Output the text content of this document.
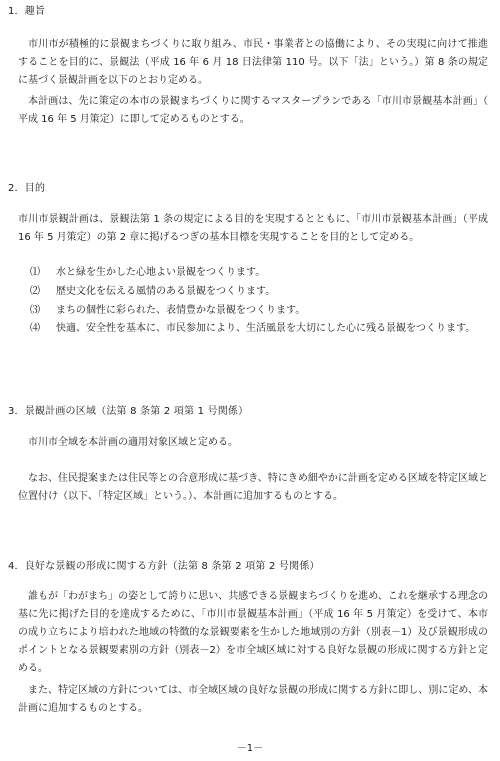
1．趣旨
市川市が積極的に景観まちづくりに取り組み、市民・事業者との協働により、その実現に向けて推進することを目的に、景観法（平成 16 年 6 月 18 日法律第 110 号。以下「法」という。）第 8 条の規定に基づく景観計画を以下のとおり定める。
本計画は、先に策定の本市の景観まちづくりに関するマスタープランである「市川市景観基本計画」（平成 16 年 5 月策定）に即して定めるものとする。
2．目的
市川市景観計画は、景観法第 1 条の規定による目的を実現するとともに、「市川市景観基本計画」（平成 16 年 5 月策定）の第 2 章に掲げるつぎの基本目標を実現することを目的として定める。
⑴	水と緑を生かした心地よい景観をつくります。
⑵	歴史文化を伝える風情のある景観をつくります。
⑶	まちの個性に彩られた、表情豊かな景観をつくります。
⑷	快適、安全性を基本に、市民参加により、生活風景を大切にした心に残る景観をつくります。
3．景観計画の区域（法第 8 条第 2 項第 1 号関係）
市川市全域を本計画の適用対象区域と定める。
なお、住民提案または住民等との合意形成に基づき、特にきめ細やかに計画を定める区域を特定区域と位置付け（以下、「特定区域」という。）、本計画に追加するものとする。
4．良好な景観の形成に関する方針（法第 8 条第 2 項第 2 号関係）
誰もが「わがまち」の姿として誇りに思い、共感できる景観まちづくりを進め、これを継承する理念の基に先に掲げた目的を達成するために、「市川市景観基本計画」（平成 16 年 5 月策定）を受けて、本市の成り立ちにより培われた地域の特徴的な景観要素を生かした地域別の方針（別表－1）及び景観形成のポイントとなる景観要素別の方針（別表－2）を市全域区域に対する良好な景観の形成に関する方針と定める。
また、特定区域の方針については、市全域区域の良好な景観の形成に関する方針に即し、別に定め、本計画に追加するものとする。
－1－
